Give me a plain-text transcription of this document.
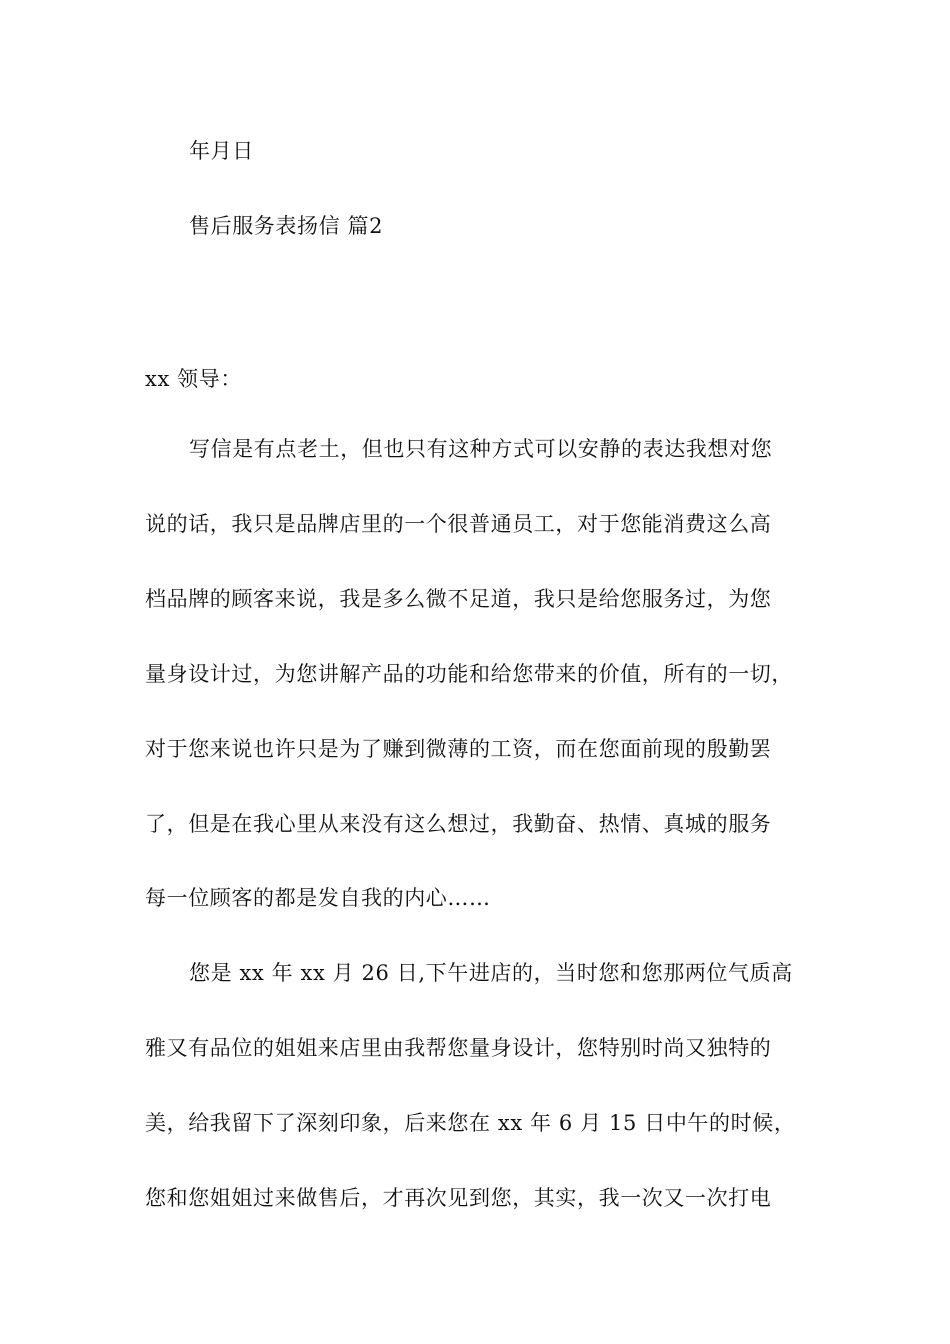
年月日
售后服务表扬信 篇2
xx 领导：
写信是有点老土，但也只有这种方式可以安静的表达我想对您
说的话，我只是品牌店里的一个很普通员工，对于您能消费这么高
档品牌的顾客来说，我是多么微不足道，我只是给您服务过，为您
量身设计过，为您讲解产品的功能和给您带来的价值，所有的一切，
对于您来说也许只是为了赚到微薄的工资，而在您面前现的殷勤罢
了，但是在我心里从来没有这么想过，我勤奋、热情、真城的服务
每一位顾客的都是发自我的内心……
您是 xx 年 xx 月 26 日,下午进店的，当时您和您那两位气质高
雅又有品位的姐姐来店里由我帮您量身设计，您特别时尚又独特的
美，给我留下了深刻印象，后来您在 xx 年 6 月 15 日中午的时候，
您和您姐姐过来做售后，才再次见到您，其实，我一次又一次打电
